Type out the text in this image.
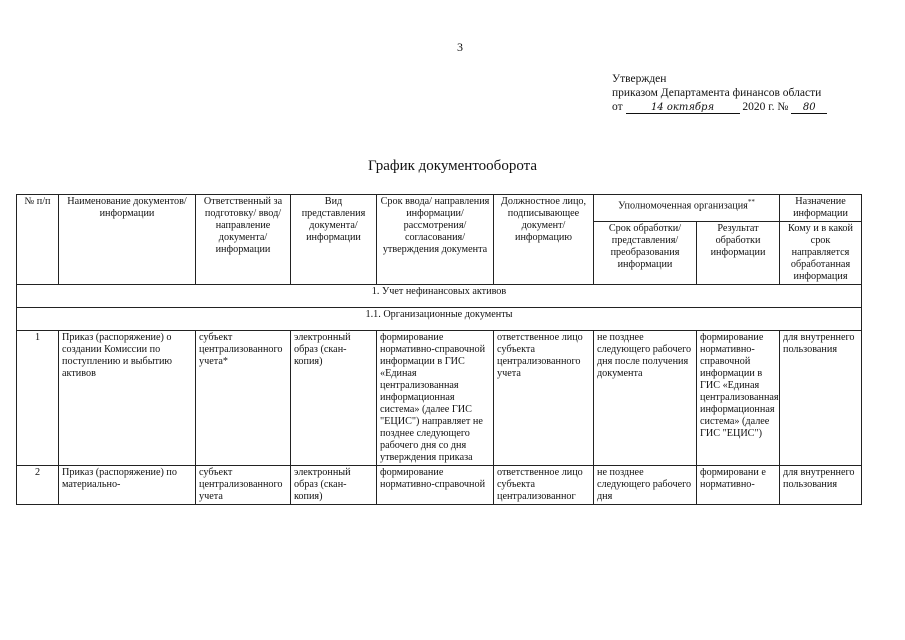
3
Утвержден
приказом Департамента финансов области
от	14 октября 2020 г. № 80
График документооборота
№ п/п	Наименование документов/ информации	Ответственный за подготовку/ ввод/ направление документа/ информации	Вид представления документа/ информации	Срок ввода/ направления информации/ рассмотрения/ согласования/ утверждения документа	Должностное лицо, подписывающее документ/ информацию	Уполномоченная организация**		Назначение информации
						Срок обработки/ представления/ преобразования информации	Результат обработки информации	Кому и в какой срок направляется обработанная информация
1. Учет нефинансовых активов								
1.1. Организационные документы								
1	Приказ (распоряжение) о создании Комиссии по поступлению и выбытию активов	субъект централизованного учета*	электронный образ (скан-копия)	формирование нормативно-справочной информации в ГИС «Единая централизованная информационная система» (далее ГИС "ЕЦИС") направляет не позднее следующего рабочего дня со дня утверждения приказа	ответственное лицо субъекта централизованного учета	не позднее следующего рабочего дня после получения документа	формирование нормативно-справочной информации в ГИС «Единая централизованная информационная система» (далее ГИС "ЕЦИС")	для внутреннего пользования
2	Приказ (распоряжение) по материально-	субъект централизованного учета	электронный образ (скан-копия)	формирование нормативно-справочной	ответственное лицо субъекта централизованног	не позднее следующего рабочего дня	формировани е нормативно-	для внутреннего пользования
